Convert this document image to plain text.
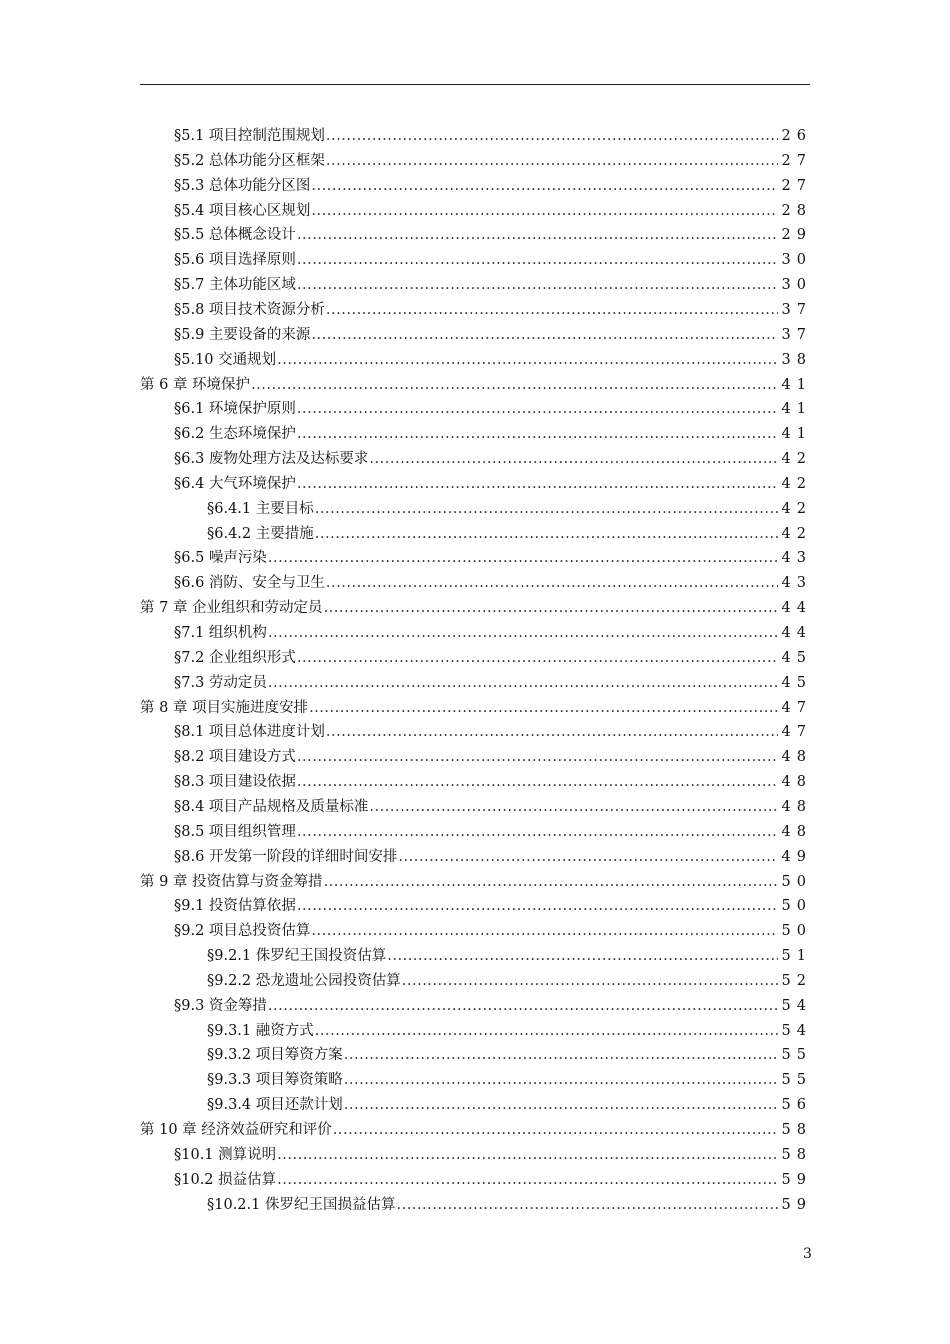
§5.1 项目控制范围规划 .....	26
§5.2 总体功能分区框架 .....	27
§5.3 总体功能分区图 .....	27
§5.4 项目核心区规划 .....	28
§5.5 总体概念设计 .....	29
§5.6 项目选择原则 .....	30
§5.7 主体功能区域 .....	30
§5.8 项目技术资源分析 .....	37
§5.9 主要设备的来源 .....	37
§5.10 交通规划 .....	38
第 6 章 环境保护 .....	41
§6.1 环境保护原则 .....	41
§6.2 生态环境保护 .....	41
§6.3 废物处理方法及达标要求 .....	42
§6.4 大气环境保护 .....	42
§6.4.1 主要目标 .....	42
§6.4.2 主要措施 .....	42
§6.5 噪声污染 .....	43
§6.6 消防、安全与卫生 .....	43
第 7 章 企业组织和劳动定员 .....	44
§7.1 组织机构 .....	44
§7.2 企业组织形式 .....	45
§7.3 劳动定员 .....	45
第 8 章 项目实施进度安排 .....	47
§8.1 项目总体进度计划 .....	47
§8.2 项目建设方式 .....	48
§8.3 项目建设依据 .....	48
§8.4 项目产品规格及质量标准 .....	48
§8.5 项目组织管理 .....	48
§8.6 开发第一阶段的详细时间安排 .....	49
第 9 章 投资估算与资金筹措 .....	50
§9.1 投资估算依据 .....	50
§9.2 项目总投资估算 .....	50
§9.2.1 侏罗纪王国投资估算 .....	51
§9.2.2 恐龙遗址公园投资估算 .....	52
§9.3 资金筹措 .....	54
§9.3.1 融资方式 .....	54
§9.3.2 项目筹资方案 .....	55
§9.3.3 项目筹资策略 .....	55
§9.3.4 项目还款计划 .....	56
第 10 章 经济效益研究和评价 .....	58
§10.1 测算说明 .....	58
§10.2 损益估算 .....	59
§10.2.1 侏罗纪王国损益估算 .....	59
3
